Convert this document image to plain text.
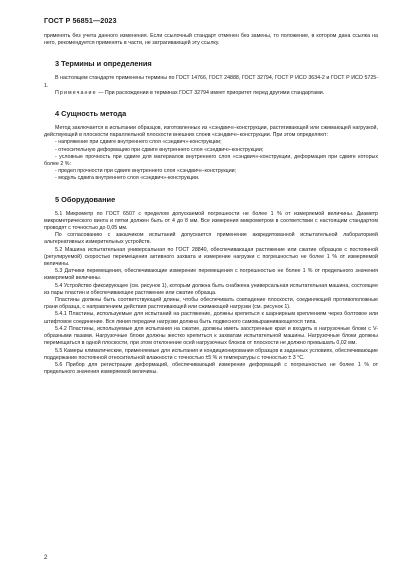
ГОСТ Р 56851—2023

применять без учета данного изменения. Если ссылочный стандарт отменен без замены, то положение, в котором дана ссылка на него, рекомендуется применять в части, не затрагивающей эту ссылку.

3 Термины и определения

В настоящем стандарте применены термины по ГОСТ 14766, ГОСТ 24888, ГОСТ 32794, ГОСТ Р ИСО 3634-2 и ГОСТ Р ИСО 5725-1.

Примечание — При расхождении в терминах ГОСТ 32794 имеет приоритет перед другими стандартами.

4 Сущность метода

Метод заключается в испытании образцов, изготовленных из «сэндвич»-конструкции, растягивающей или сжимающей нагрузкой, действующей в плоскости параллельной плоскости внешних слоев «сэндвич»-конструкции. При этом определяют:

- напряжение при сдвиге внутреннего слоя «сэндвич»-конструкции;

- относительную деформацию при сдвиге внутреннего слоя «сэндвич»-конструкции;

- условные прочность при сдвиге для материалов внутреннего слоя «сэндвич»-конструкции, деформация при сдвиге которых более 2 %:

- предел прочности при сдвиге внутреннего слоя «сэндвич»-конструкции;

- модуль сдвига внутреннего слоя «сэндвич»-конструкции.

5 Оборудование

5.1 Микрометр по ГОСТ 6507 с пределом допускаемой погрешности не более 1 % от измеряемой величины. Диаметр микрометрического винта и пятки должен быть от 4 до 8 мм. Все измерения микрометром в соответствии с настоящим стандартом проводят с точностью до 0,05 мм.

По согласованию с заказчиком испытаний допускается применение аккредитованной испытательной лабораторией альтернативных измерительных устройств.

5.2 Машина испытательная универсальная по ГОСТ 28840, обеспечивающая растяжение или сжатие образцов с постоянной (регулируемой) скоростью перемещения активного захвата и измерение нагрузки с погрешностью не более 1 % от измеряемой величины.

5.3 Датчики перемещения, обеспечивающие измерение перемещения с погрешностью не более 1 % от предельного значения измеряемой величины.

5.4 Устройство фиксирующее (см. рисунок 1), которым должна быть снабжена универсальная испытательная машина, состоящее из пары пластин и обеспечивающее растяжение или сжатие образца.

Пластины должны быть соответствующей длины, чтобы обеспечивать совпадение плоскости, соединяющей противоположные грани образца, с направлением действия растягивающей или сжимающей нагрузки (см. рисунок 1).

5.4.1 Пластины, используемые для испытаний на растяжение, должны крепиться к шарнирным креплениям через болтовое или штифтовое соединение. Вся линия передачи нагрузки должна быть подвесного самовыравнивающегося типа.

5.4.2 Пластины, используемые для испытания на сжатие, должны иметь заостренные края и входить в нагрузочные блоки с V-образными пазами. Нагрузочные блоки должны жестко крепиться к захватам испытательной машины. Нагрузочные блоки должны перемещаться в одной плоскости, при этом отклонение осей нагрузочных блоков от плоскости не должно превышать 0,02 мм.

5.5 Камеры климатические, применяемые для испытания и кондиционирования образцов в заданных условиях, обеспечивающие поддержание постоянной относительной влажности с точностью ±5 % и температуры с точностью ± 3 °С.

5.6 Прибор для регистрации деформаций, обеспечивающий измерение деформаций с погрешностью не более 1 % от предельного значения измеряемой величины.

2
